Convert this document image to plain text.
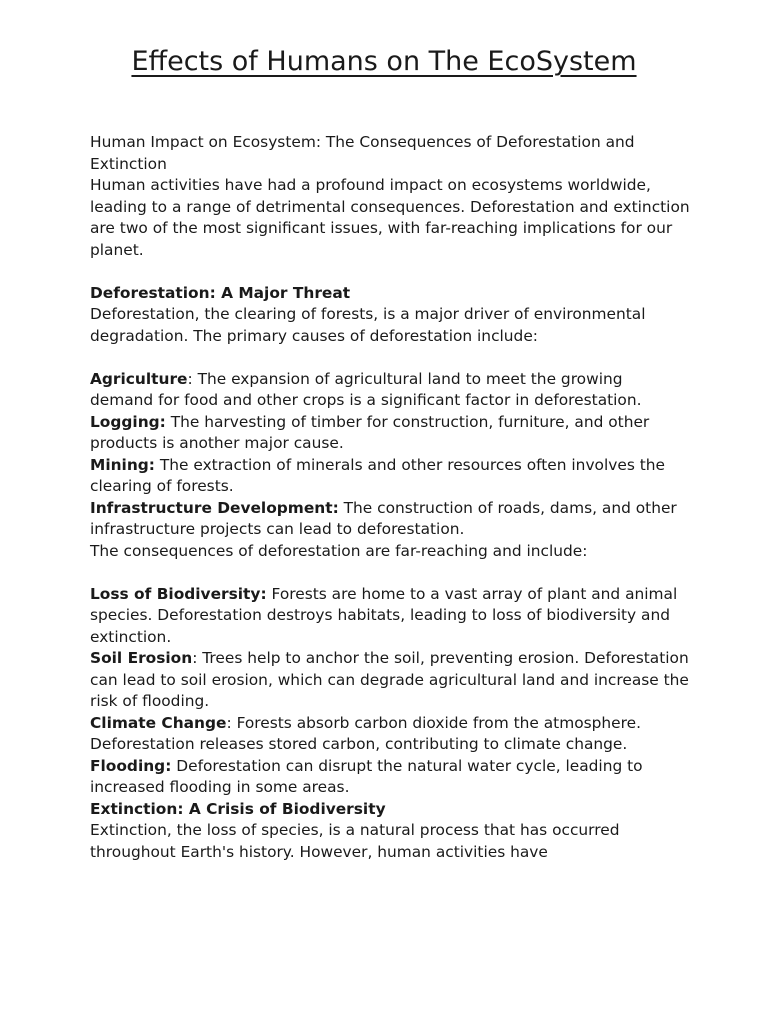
Effects of Humans on The EcoSystem

Human Impact on Ecosystem: The Consequences of Deforestation and Extinction

Human activities have had a profound impact on ecosystems worldwide, leading to a range of detrimental consequences. Deforestation and extinction are two of the most significant issues, with far-reaching implications for our planet.

Deforestation: A Major Threat

Deforestation, the clearing of forests, is a major driver of environmental degradation. The primary causes of deforestation include:

Agriculture: The expansion of agricultural land to meet the growing demand for food and other crops is a significant factor in deforestation.

Logging: The harvesting of timber for construction, furniture, and other products is another major cause.

Mining: The extraction of minerals and other resources often involves the clearing of forests.

Infrastructure Development: The construction of roads, dams, and other infrastructure projects can lead to deforestation.

The consequences of deforestation are far-reaching and include:

Loss of Biodiversity: Forests are home to a vast array of plant and animal species. Deforestation destroys habitats, leading to loss of biodiversity and extinction.

Soil Erosion: Trees help to anchor the soil, preventing erosion. Deforestation can lead to soil erosion, which can degrade agricultural land and increase the risk of flooding.

Climate Change: Forests absorb carbon dioxide from the atmosphere. Deforestation releases stored carbon, contributing to climate change.

Flooding: Deforestation can disrupt the natural water cycle, leading to increased flooding in some areas.

Extinction: A Crisis of Biodiversity

Extinction, the loss of species, is a natural process that has occurred throughout Earth's history. However, human activities have
